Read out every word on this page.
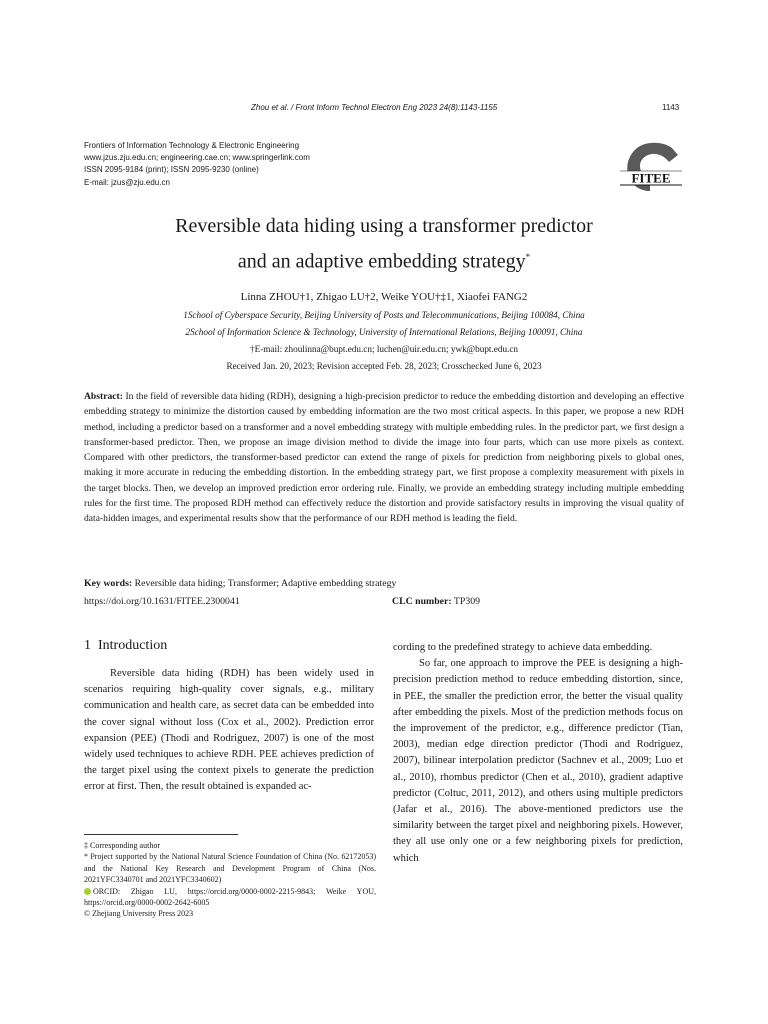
Zhou et al. / Front Inform Technol Electron Eng 2023 24(8):1143-1155	1143
Frontiers of Information Technology & Electronic Engineering
www.jzus.zju.edu.cn; engineering.cae.cn; www.springerlink.com
ISSN 2095-9184 (print); ISSN 2095-9230 (online)
E-mail: jzus@zju.edu.cn	FITEE
Reversible data hiding using a transformer predictor
and an adaptive embedding strategy*
Linna ZHOU†1, Zhigao LU†2, Weike YOU†‡1, Xiaofei FANG2
1School of Cyberspace Security, Beijing University of Posts and Telecommunications, Beijing 100084, China
2School of Information Science & Technology, University of International Relations, Beijing 100091, China
†E-mail: zhoulinna@bupt.edu.cn; luchen@uir.edu.cn; ywk@bupt.edu.cn
Received Jan. 20, 2023; Revision accepted Feb. 28, 2023; Crosschecked June 6, 2023
Abstract: In the field of reversible data hiding (RDH), designing a high-precision predictor to reduce the embedding distortion and developing an effective embedding strategy to minimize the distortion caused by embedding information are the two most critical aspects. In this paper, we propose a new RDH method, including a predictor based on a transformer and a novel embedding strategy with multiple embedding rules. In the predictor part, we first design a transformer-based predictor. Then, we propose an image division method to divide the image into four parts, which can use more pixels as context. Compared with other predictors, the transformer-based predictor can extend the range of pixels for prediction from neighboring pixels to global ones, making it more accurate in reducing the embedding distortion. In the embedding strategy part, we first propose a complexity measurement with pixels in the target blocks. Then, we develop an improved prediction error ordering rule. Finally, we provide an embedding strategy including multiple embedding rules for the first time. The proposed RDH method can effectively reduce the distortion and provide satisfactory results in improving the visual quality of data-hidden images, and experimental results show that the performance of our RDH method is leading the field.
Key words: Reversible data hiding; Transformer; Adaptive embedding strategy
https://doi.org/10.1631/FITEE.2300041	CLC number: TP309
1 Introduction

Reversible data hiding (RDH) has been widely used in scenarios requiring high-quality cover signals, e.g., military communication and health care, as secret data can be embedded into the cover signal without loss (Cox et al., 2002). Prediction error expansion (PEE) (Thodi and Rodriguez, 2007) is one of the most widely used techniques to achieve RDH. PEE achieves prediction of the target pixel using the context pixels to generate the prediction error at first. Then, the result obtained is expanded ac-

cording to the predefined strategy to achieve data embedding.

So far, one approach to improve the PEE is designing a high-precision prediction method to reduce embedding distortion, since, in PEE, the smaller the prediction error, the better the visual quality after embedding the pixels. Most of the prediction methods focus on the improvement of the predictor, e.g., difference predictor (Tian, 2003), median edge direction predictor (Thodi and Rodriguez, 2007), bilinear interpolation predictor (Sachnev et al., 2009; Luo et al., 2010), rhombus predictor (Chen et al., 2010), gradient adaptive predictor (Coltuc, 2011, 2012), and others using multiple predictors (Jafar et al., 2016). The above-mentioned predictors use the similarity between the target pixel and neighboring pixels. However, they all use only one or a few neighboring pixels for prediction, which

‡ Corresponding author

* Project supported by the National Natural Science Foundation of China (No. 62172053) and the National Key Research and Development Program of China (Nos. 2021YFC3340701 and 2021YFC3340602)

ORCID: Zhigao LU, https://orcid.org/0000-0002-2215-9843; Weike YOU, https://orcid.org/0000-0002-2642-6005

© Zhejiang University Press 2023
